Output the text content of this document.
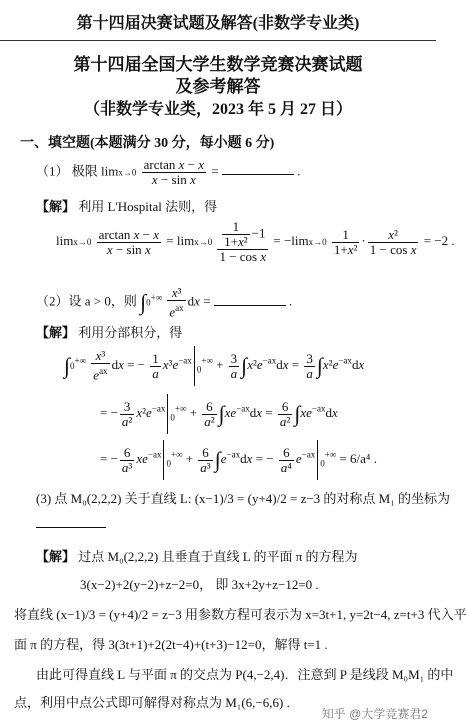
第十四届决赛试题及解答(非数学专业类)
第十四届全国大学生数学竞赛决赛试题
及参考解答
（非数学专业类，2023 年 5 月 27 日）
一、填空题(本题满分 30 分，每小题 6 分)
（1） 极限 $\lim x\to 0 \frac{\text{arctan x − x}}{\text{x − sin x}}$ =	.
【解】 利用 L'Hospital 法则，得
$\lim x\to 0 \frac{\text{arctan x − x}}{\text{x − sin x}} = \lim x\to 0 \frac{\frac{1}{\text{1+x²}} -1}{\text{1 − cos x}} = -\lim x\to 0 \frac{1}{\text{1+x²}} \cdot \frac{\text{x²}}{\text{1 − cos x}} = -2$ .
（2）设 a > 0，则 $\int 0^{+\infty} \frac{\text{x³}}{e^{ax}}$ dx =	.
【解】 利用分部积分，得
$\int 0^{+\infty} \frac{\text{x³}}{e^{ax}}$ dx = − $\frac{1}{a} x^3e^{-ax}_0^{+\infty} + \frac{3}{a} \int x^2e^{-ax}dx = \frac{3}{a} \int x^2e^{-ax}dx$
= − $\frac{3}{\text{a²}} x^2e^{-ax}_0^{+\infty} + \frac{6}{\text{a²}} \int xe^{-ax}dx = \frac{6}{\text{a²}} \int xe^{-ax}dx$
= − $\frac{6}{\text{a³}} xe^{-ax}_0^{+\infty} + \frac{6}{\text{a³}} \int e^{-ax}dx$ = − $\frac{6}{\text{a⁴}} e^{-ax}_0^{+\infty} = 6/a^4$ .
(3) 点 M₀(2,2,2) 关于直线 L: (x−1)/3 = (y+4)/2 = z−3 的对称点 M₁ 的坐标为
【解】 过点 M₀(2,2,2) 且垂直于直线 L 的平面 π 的方程为
3(x−2)+2(y−2)+z−2=0， 即 3x+2y+z−12=0 .
将直线 (x−1)/3 = (y+4)/2 = z−3 用参数方程可表示为 x=3t+1, y=2t−4, z=t+3 代入平
面 π 的方程，得 3(3t+1)+2(2t−4)+(t+3)−12=0，解得 t=1 .
由此可得直线 L 与平面 π 的交点为 P(4,−2,4)．注意到 P 是线段 M₀M₁ 的中
点，利用中点公式即可解得对称点为 M₁(6,−6,6) .
知乎 @大学竞赛君2
